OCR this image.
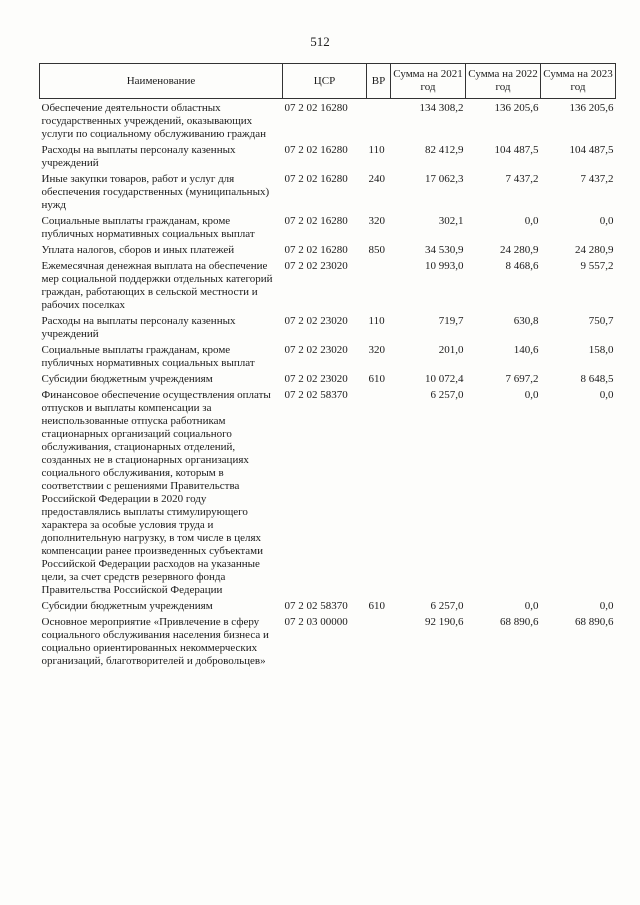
512
Наименование	ЦСР	ВР	Сумма на 2021 год	Сумма на 2022 год	Сумма на 2023 год
Обеспечение деятельности областных государственных учреждений, оказывающих услуги по социальному обслуживанию граждан	07 2 02 16280		134 308,2	136 205,6	136 205,6
Расходы на выплаты персоналу казенных учреждений	07 2 02 16280	110	82 412,9	104 487,5	104 487,5
Иные закупки товаров, работ и услуг для обеспечения государственных (муниципальных) нужд	07 2 02 16280	240	17 062,3	7 437,2	7 437,2
Социальные выплаты гражданам, кроме публичных нормативных социальных выплат	07 2 02 16280	320	302,1	0,0	0,0
Уплата налогов, сборов и иных платежей	07 2 02 16280	850	34 530,9	24 280,9	24 280,9
Ежемесячная денежная выплата на обеспечение мер социальной поддержки отдельных категорий граждан, работающих в сельской местности и рабочих поселках	07 2 02 23020		10 993,0	8 468,6	9 557,2
Расходы на выплаты персоналу казенных учреждений	07 2 02 23020	110	719,7	630,8	750,7
Социальные выплаты гражданам, кроме публичных нормативных социальных выплат	07 2 02 23020	320	201,0	140,6	158,0
Субсидии бюджетным учреждениям	07 2 02 23020	610	10 072,4	7 697,2	8 648,5
Финансовое обеспечение осуществления оплаты отпусков и выплаты компенсации за неиспользованные отпуска работникам стационарных организаций социального обслуживания, стационарных отделений, созданных не в стационарных организациях социального обслуживания, которым в соответствии с решениями Правительства Российской Федерации в 2020 году предоставлялись выплаты стимулирующего характера за особые условия труда и дополнительную нагрузку, в том числе в целях компенсации ранее произведенных субъектами Российской Федерации расходов на указанные цели, за счет средств резервного фонда Правительства Российской Федерации	07 2 02 58370		6 257,0	0,0	0,0
Субсидии бюджетным учреждениям	07 2 02 58370	610	6 257,0	0,0	0,0
Основное мероприятие «Привлечение в сферу социального обслуживания населения бизнеса и социально ориентированных некоммерческих организаций, благотворителей и добровольцев»	07 2 03 00000		92 190,6	68 890,6	68 890,6
